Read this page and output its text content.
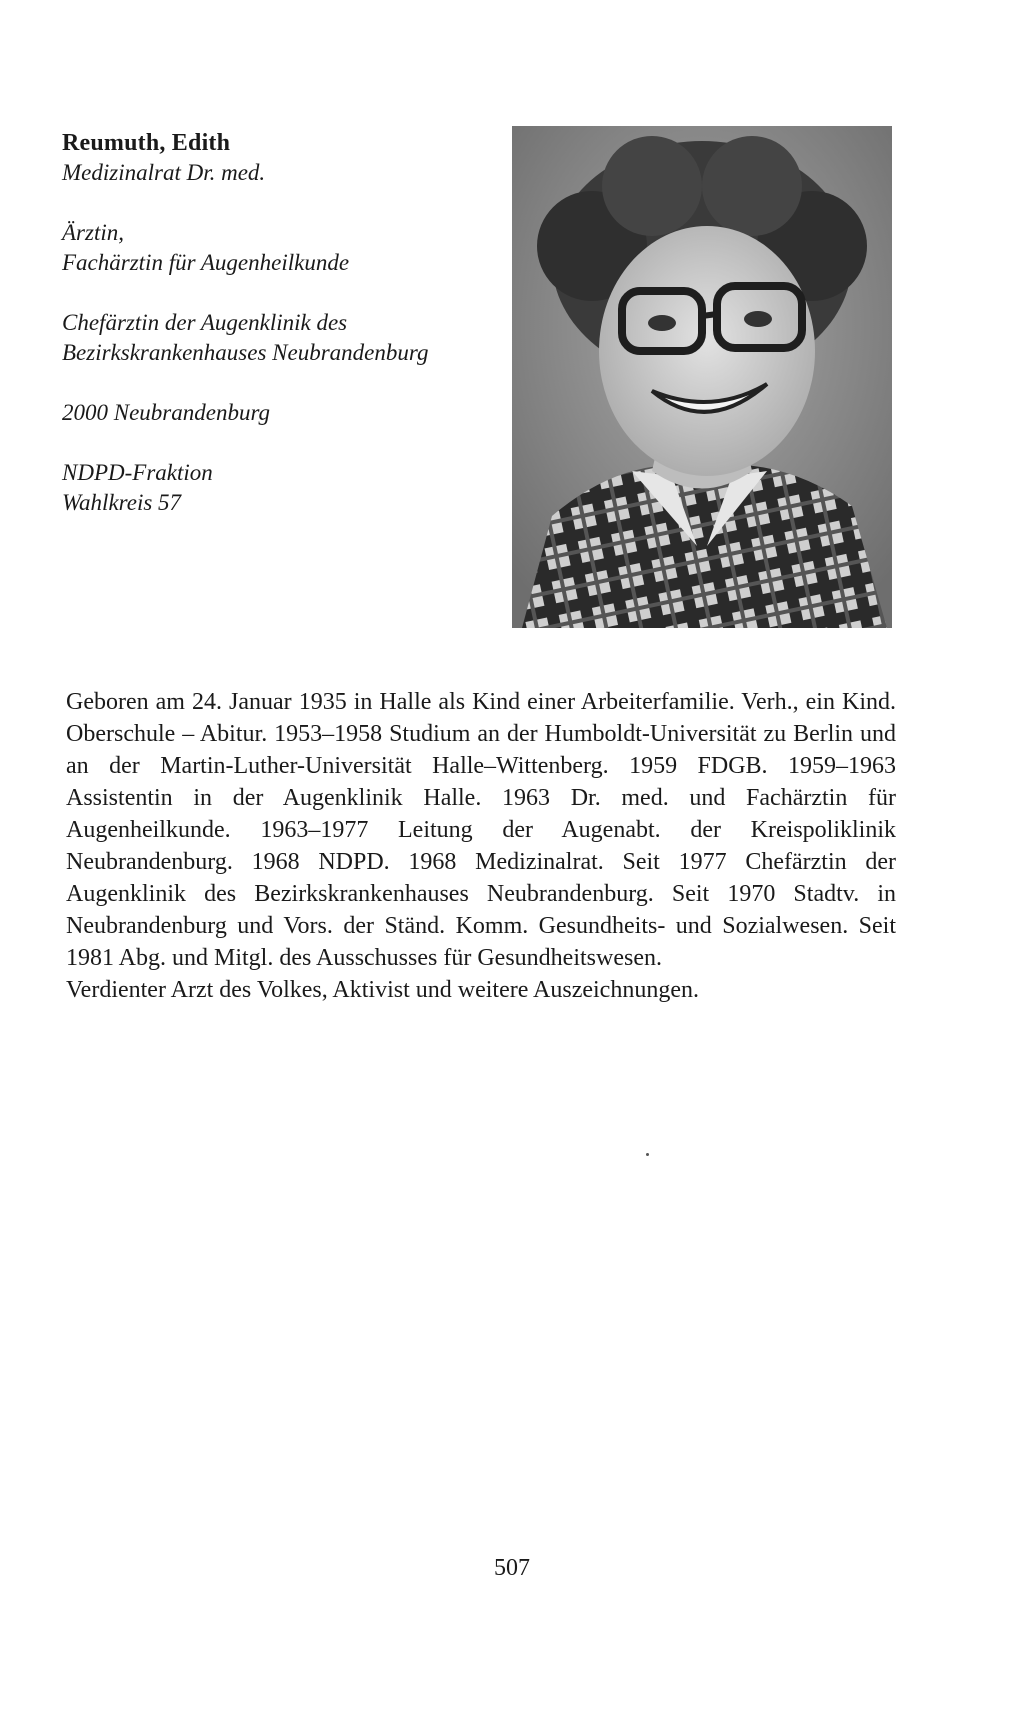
Reumuth, Edith
Medizinalrat Dr. med.
Ärztin,
Fachärztin für Augenheilkunde
Chefärztin der Augenklinik des
Bezirkskrankenhauses Neubrandenburg
2000 Neubrandenburg
NDPD-Fraktion
Wahlkreis 57

Geboren am 24. Januar 1935 in Halle als Kind einer Arbeiterfamilie. Verh., ein Kind. Oberschule – Abitur. 1953–1958 Studium an der Humboldt-Universität zu Berlin und an der Martin-Luther-Universität Halle–Wittenberg. 1959 FDGB. 1959–1963 Assistentin in der Augenklinik Halle. 1963 Dr. med. und Fachärztin für Augenheilkunde. 1963–1977 Leitung der Augenabt. der Kreispoliklinik Neubrandenburg. 1968 NDPD. 1968 Medizinalrat. Seit 1977 Chefärztin der Augenklinik des Bezirkskrankenhauses Neubrandenburg. Seit 1970 Stadtv. in Neubrandenburg und Vors. der Ständ. Komm. Gesundheits- und Sozialwesen. Seit 1981 Abg. und Mitgl. des Ausschusses für Gesundheitswesen.

Verdienter Arzt des Volkes, Aktivist und weitere Auszeichnungen.

507
